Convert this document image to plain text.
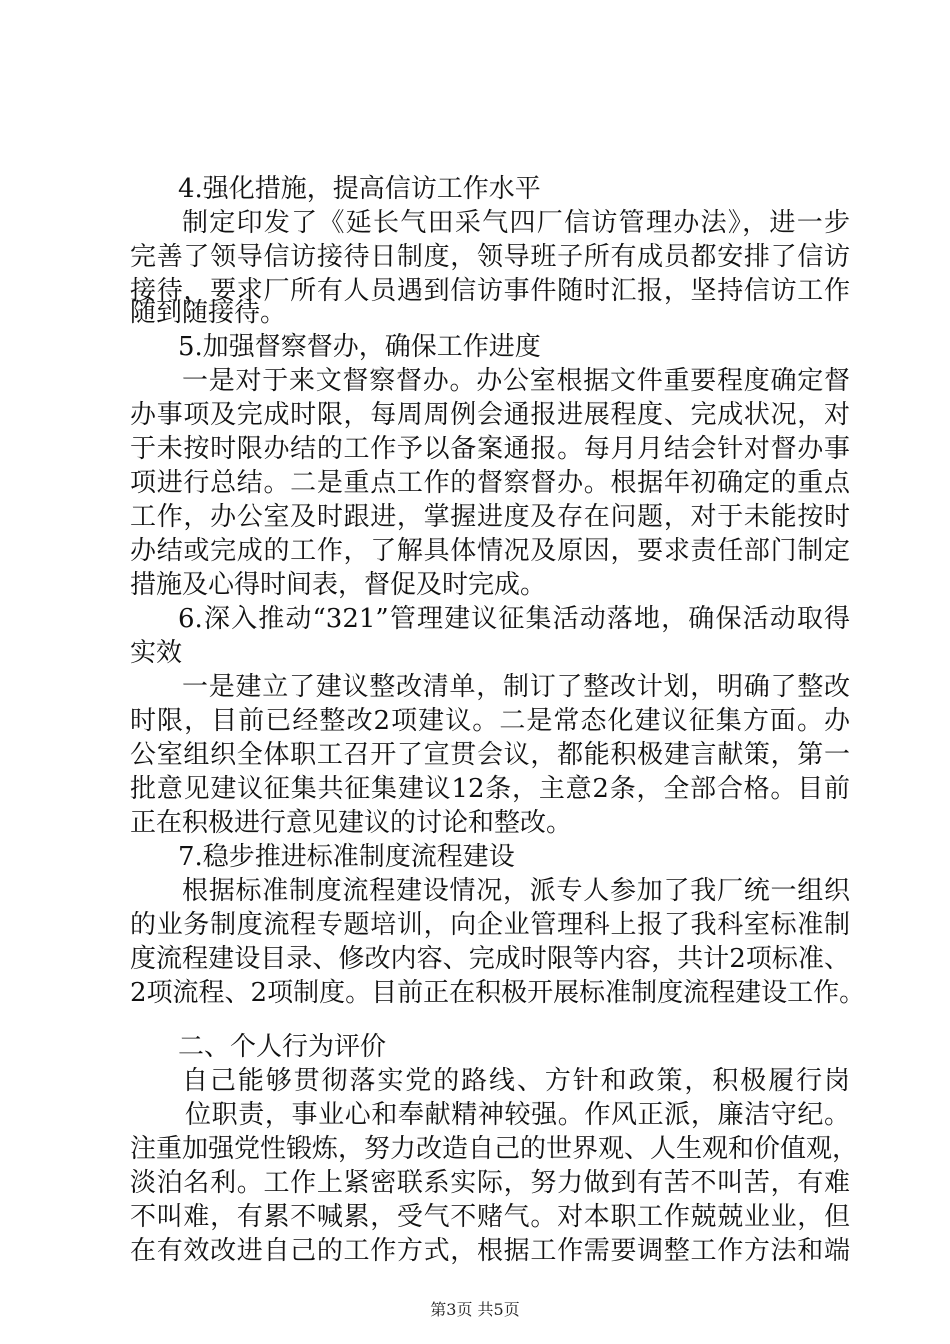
4.强化措施，提高信访工作水平
制定印发了《延长气田采气四厂信访管理办法》，进一步
完善了领导信访接待日制度，领导班子所有成员都安排了信访
接待，要求厂所有人员遇到信访事件随时汇报，坚持信访工作
随到随接待。
5.加强督察督办，确保工作进度
一是对于来文督察督办。办公室根据文件重要程度确定督
办事项及完成时限，每周周例会通报进展程度、完成状况，对
于未按时限办结的工作予以备案通报。每月月结会针对督办事
项进行总结。二是重点工作的督察督办。根据年初确定的重点
工作，办公室及时跟进，掌握进度及存在问题，对于未能按时
办结或完成的工作，了解具体情况及原因，要求责任部门制定
措施及心得时间表，督促及时完成。
6.深入推动“321”管理建议征集活动落地，确保活动取得
实效
一是建立了建议整改清单，制订了整改计划，明确了整改
时限，目前已经整改2项建议。二是常态化建议征集方面。办
公室组织全体职工召开了宣贯会议，都能积极建言献策，第一
批意见建议征集共征集建议12条，主意2条，全部合格。目前
正在积极进行意见建议的讨论和整改。
7.稳步推进标准制度流程建设
根据标准制度流程建设情况，派专人参加了我厂统一组织
的业务制度流程专题培训，向企业管理科上报了我科室标准制
度流程建设目录、修改内容、完成时限等内容，共计2项标准、
2项流程、2项制度。目前正在积极开展标准制度流程建设工作。
二、个人行为评价
自己能够贯彻落实党的路线、方针和政策，积极履行岗
位职责，事业心和奉献精神较强。作风正派，廉洁守纪。
注重加强党性锻炼，努力改造自己的世界观、人生观和价值观，
淡泊名利。工作上紧密联系实际，努力做到有苦不叫苦，有难
不叫难，有累不喊累，受气不赌气。对本职工作兢兢业业，但
在有效改进自己的工作方式，根据工作需要调整工作方法和端
第3页 共5页
